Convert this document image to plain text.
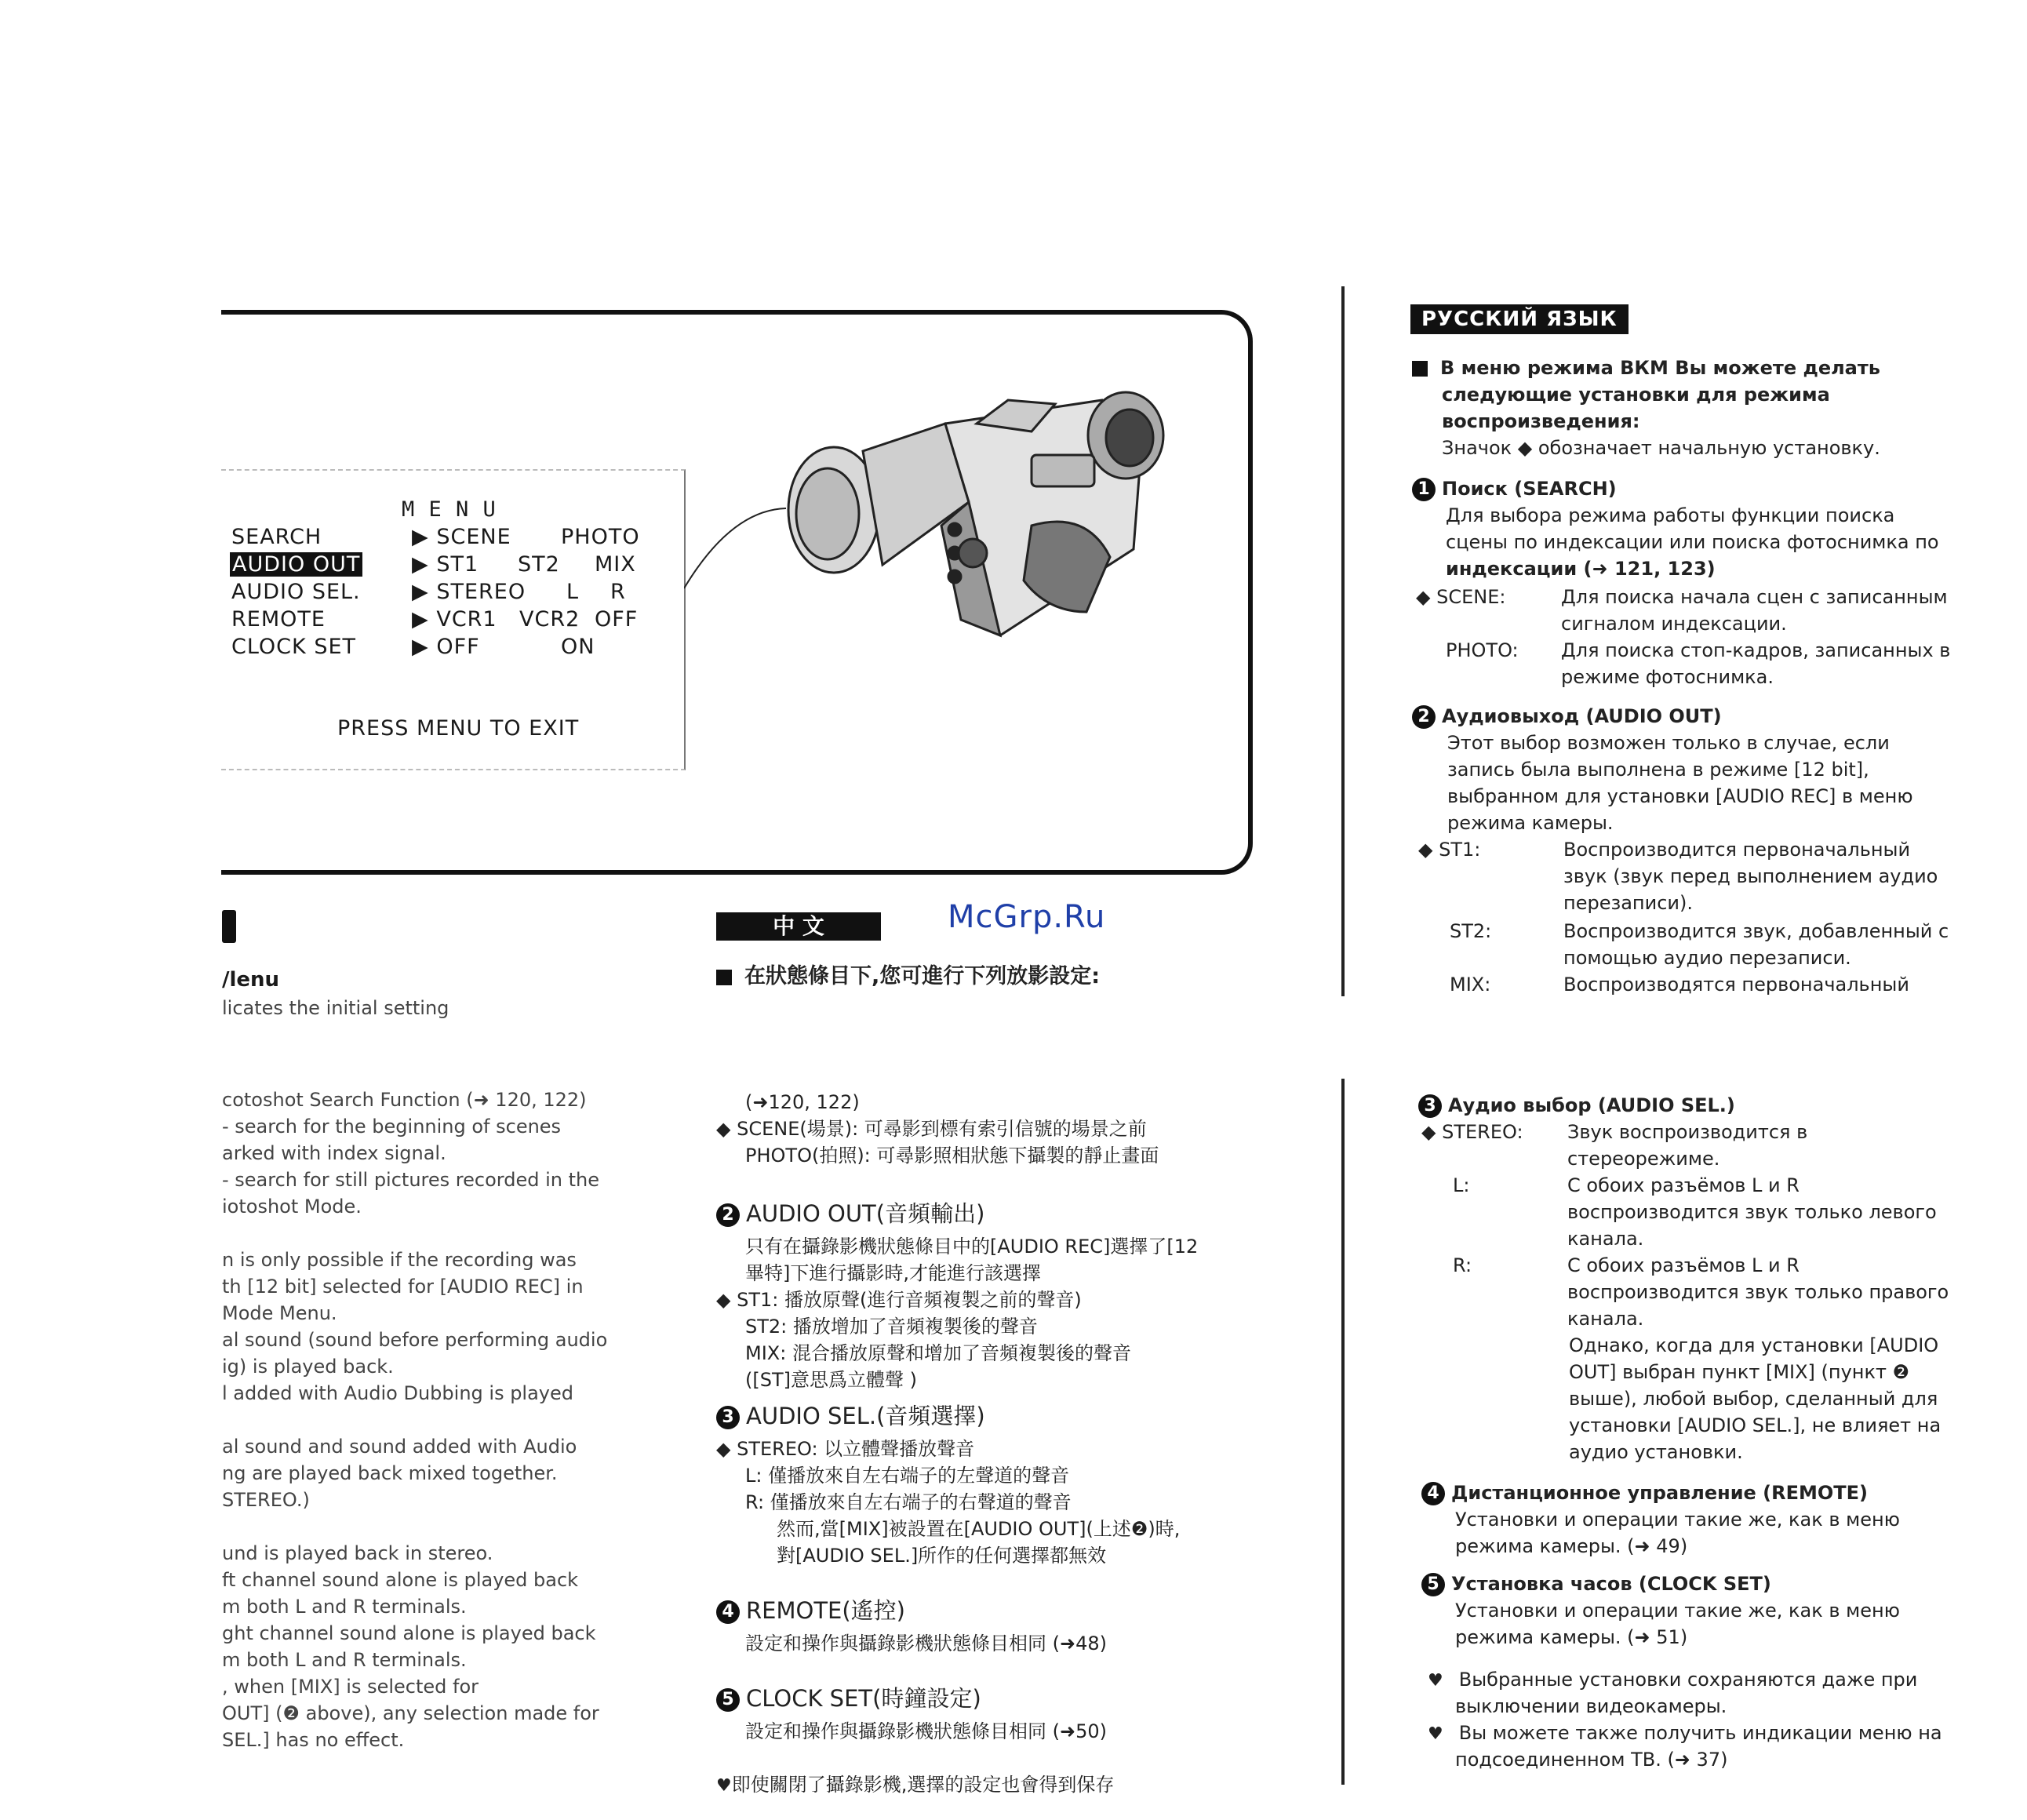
M E N U
SEARCH	▶ SCENE PHOTO
AUDIO OUT ▶ ST1 ST2 MIX
AUDIO SEL. ▶ STEREO L R
REMOTE	▶ VCR1 VCR2 OFF
CLOCK SET	▶ OFF	ON
PRESS MENU TO EXIT
/lenu
licates the initial setting
cotoshot Search Function (➜ 120, 122)
- search for the beginning of scenes
arked with index signal.
- search for still pictures recorded in the
iotoshot Mode.
n is only possible if the recording was
th [12 bit] selected for [AUDIO REC] in
Mode Menu.
al sound (sound before performing audio
ig) is played back.
l added with Audio Dubbing is played
al sound and sound added with Audio
ng are played back mixed together.
STEREO.)
und is played back in stereo.
ft channel sound alone is played back
m both L and R terminals.
ght channel sound alone is played back
m both L and R terminals.
, when [MIX] is selected for
OUT] (❷ above), any selection made for
SEL.] has no effect.
中 文	McGrp.Ru
在狀態條目下,您可進行下列放影設定:
(➜120, 122)
◆ SCENE(場景): 可尋影到標有索引信號的場景之前
PHOTO(拍照): 可尋影照相狀態下攝製的靜止畫面
2 AUDIO OUT(音頻輸出)
只有在攝錄影機狀態條目中的[AUDIO REC]選擇了[12
畢特]下進行攝影時,才能進行該選擇
◆ ST1: 播放原聲(進行音頻複製之前的聲音)
ST2: 播放增加了音頻複製後的聲音
MIX: 混合播放原聲和增加了音頻複製後的聲音
([ST]意思爲立體聲 )
3 AUDIO SEL.(音頻選擇)
◆ STEREO: 以立體聲播放聲音
L: 僅播放來自左右端子的左聲道的聲音
R: 僅播放來自左右端子的右聲道的聲音
然而,當[MIX]被設置在[AUDIO OUT](上述❷)時,
對[AUDIO SEL.]所作的任何選擇都無效
4 REMOTE(遙控)
設定和操作與攝錄影機狀態條目相同 (➜48)
5 CLOCK SET(時鐘設定)
設定和操作與攝錄影機狀態條目相同 (➜50)
♥即使關閉了攝錄影機,選擇的設定也會得到保存
РУССКИЙ ЯЗЫК
В меню режима ВКМ Вы можете делать
следующие установки для режима
воспроизведения:
Значок ◆ обозначает начальную установку.
1 Поиск (SEARCH)
Для выбора режима работы функции поиска
сцены по индексации или поиска фотоснимка по
индексации (➜ 121, 123)
◆ SCENE:	Для поиска начала сцен с записанным
сигналом индексации.
PHOTO: Для поиска стоп-кадров, записанных в
режиме фотоснимка.
2 Аудиовыход (AUDIO OUT)
Этот выбор возможен только в случае, если
запись была выполнена в режиме [12 bit],
выбранном для установки [AUDIO REC] в меню
режима камеры.
◆ ST1:	Воспроизводится первоначальный
звук (звук перед выполнением аудио
перезаписи).
ST2:	Воспроизводится звук, добавленный с
помощью аудио перезаписи.
MIX:	Воспроизводятся первоначальный
3 Аудио выбор (AUDIO SEL.)
◆ STEREO: Звук воспроизводится в
стереорежиме.
L:	С обоих разъёмов L и R
воспроизводится звук только левого
канала.
R:	С обоих разъёмов L и R
воспроизводится звук только правого
канала.
Однако, когда для установки [AUDIO
OUT] выбран пункт [MIX] (пункт ❷
выше), любой выбор, сделанный для
установки [AUDIO SEL.], не влияет на
аудио установки.
4 Дистанционное управление (REMOTE)
Установки и операции такие же, как в меню
режима камеры. (➜ 49)
5 Установка часов (CLOCK SET)
Установки и операции такие же, как в меню
режима камеры. (➜ 51)
♥ Выбранные установки сохраняются даже при
выключении видеокамеры.
♥ Вы можете также получить индикации меню на
подсоединенном ТВ. (➜ 37)
